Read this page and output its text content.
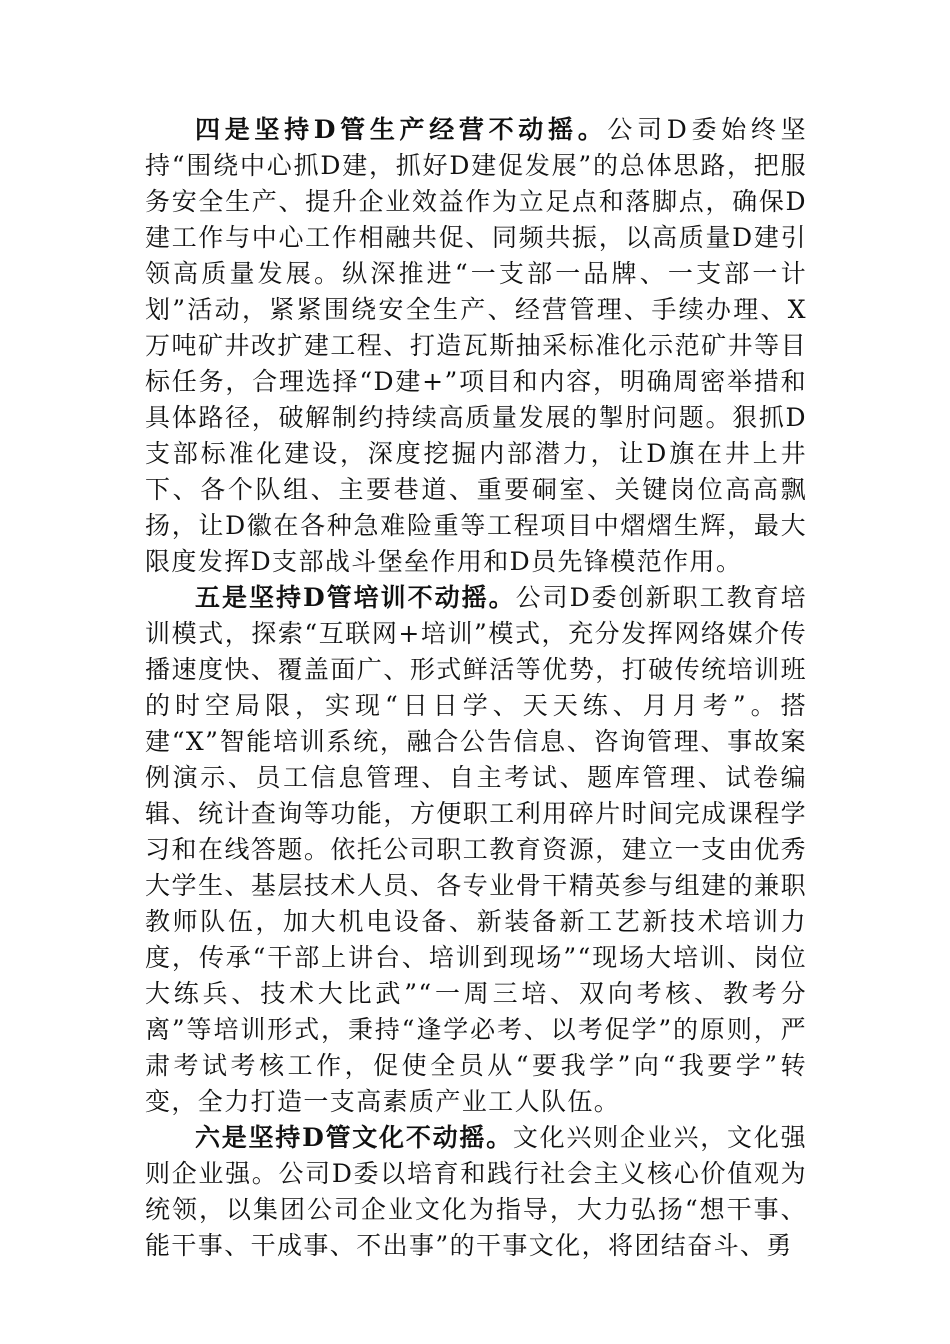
四是坚持D管生产经营不动摇。公司D委始终坚持“围绕中心抓D建，抓好D建促发展”的总体思路，把服务安全生产、提升企业效益作为立足点和落脚点，确保D建工作与中心工作相融共促、同频共振，以高质量D建引领高质量发展。纵深推进“一支部一品牌、一支部一计划”活动，紧紧围绕安全生产、经营管理、手续办理、X万吨矿井改扩建工程、打造瓦斯抽采标准化示范矿井等目标任务，合理选择“D建+”项目和内容，明确周密举措和具体路径，破解制约持续高质量发展的掣肘问题。狠抓D支部标准化建设，深度挖掘内部潜力，让D旗在井上井下、各个队组、主要巷道、重要硐室、关键岗位高高飘扬，让D徽在各种急难险重等工程项目中熠熠生辉，最大限度发挥D支部战斗堡垒作用和D员先锋模范作用。

五是坚持D管培训不动摇。公司D委创新职工教育培训模式，探索“互联网+培训”模式，充分发挥网络媒介传播速度快、覆盖面广、形式鲜活等优势，打破传统培训班的时空局限，实现“日日学、天天练、月月考”。搭建“X”智能培训系统，融合公告信息、咨询管理、事故案例演示、员工信息管理、自主考试、题库管理、试卷编辑、统计查询等功能，方便职工利用碎片时间完成课程学习和在线答题。依托公司职工教育资源，建立一支由优秀大学生、基层技术人员、各专业骨干精英参与组建的兼职教师队伍，加大机电设备、新装备新工艺新技术培训力度，传承“干部上讲台、培训到现场”“现场大培训、岗位大练兵、技术大比武”“一周三培、双向考核、教考分离”等培训形式，秉持“逢学必考、以考促学”的原则，严肃考试考核工作，促使全员从“要我学”向“我要学”转变，全力打造一支高素质产业工人队伍。

六是坚持D管文化不动摇。文化兴则企业兴，文化强则企业强。公司D委以培育和践行社会主义核心价值观为统领，以集团公司企业文化为指导，大力弘扬“想干事、能干事、干成事、不出事”的干事文化，将团结奋斗、勇
